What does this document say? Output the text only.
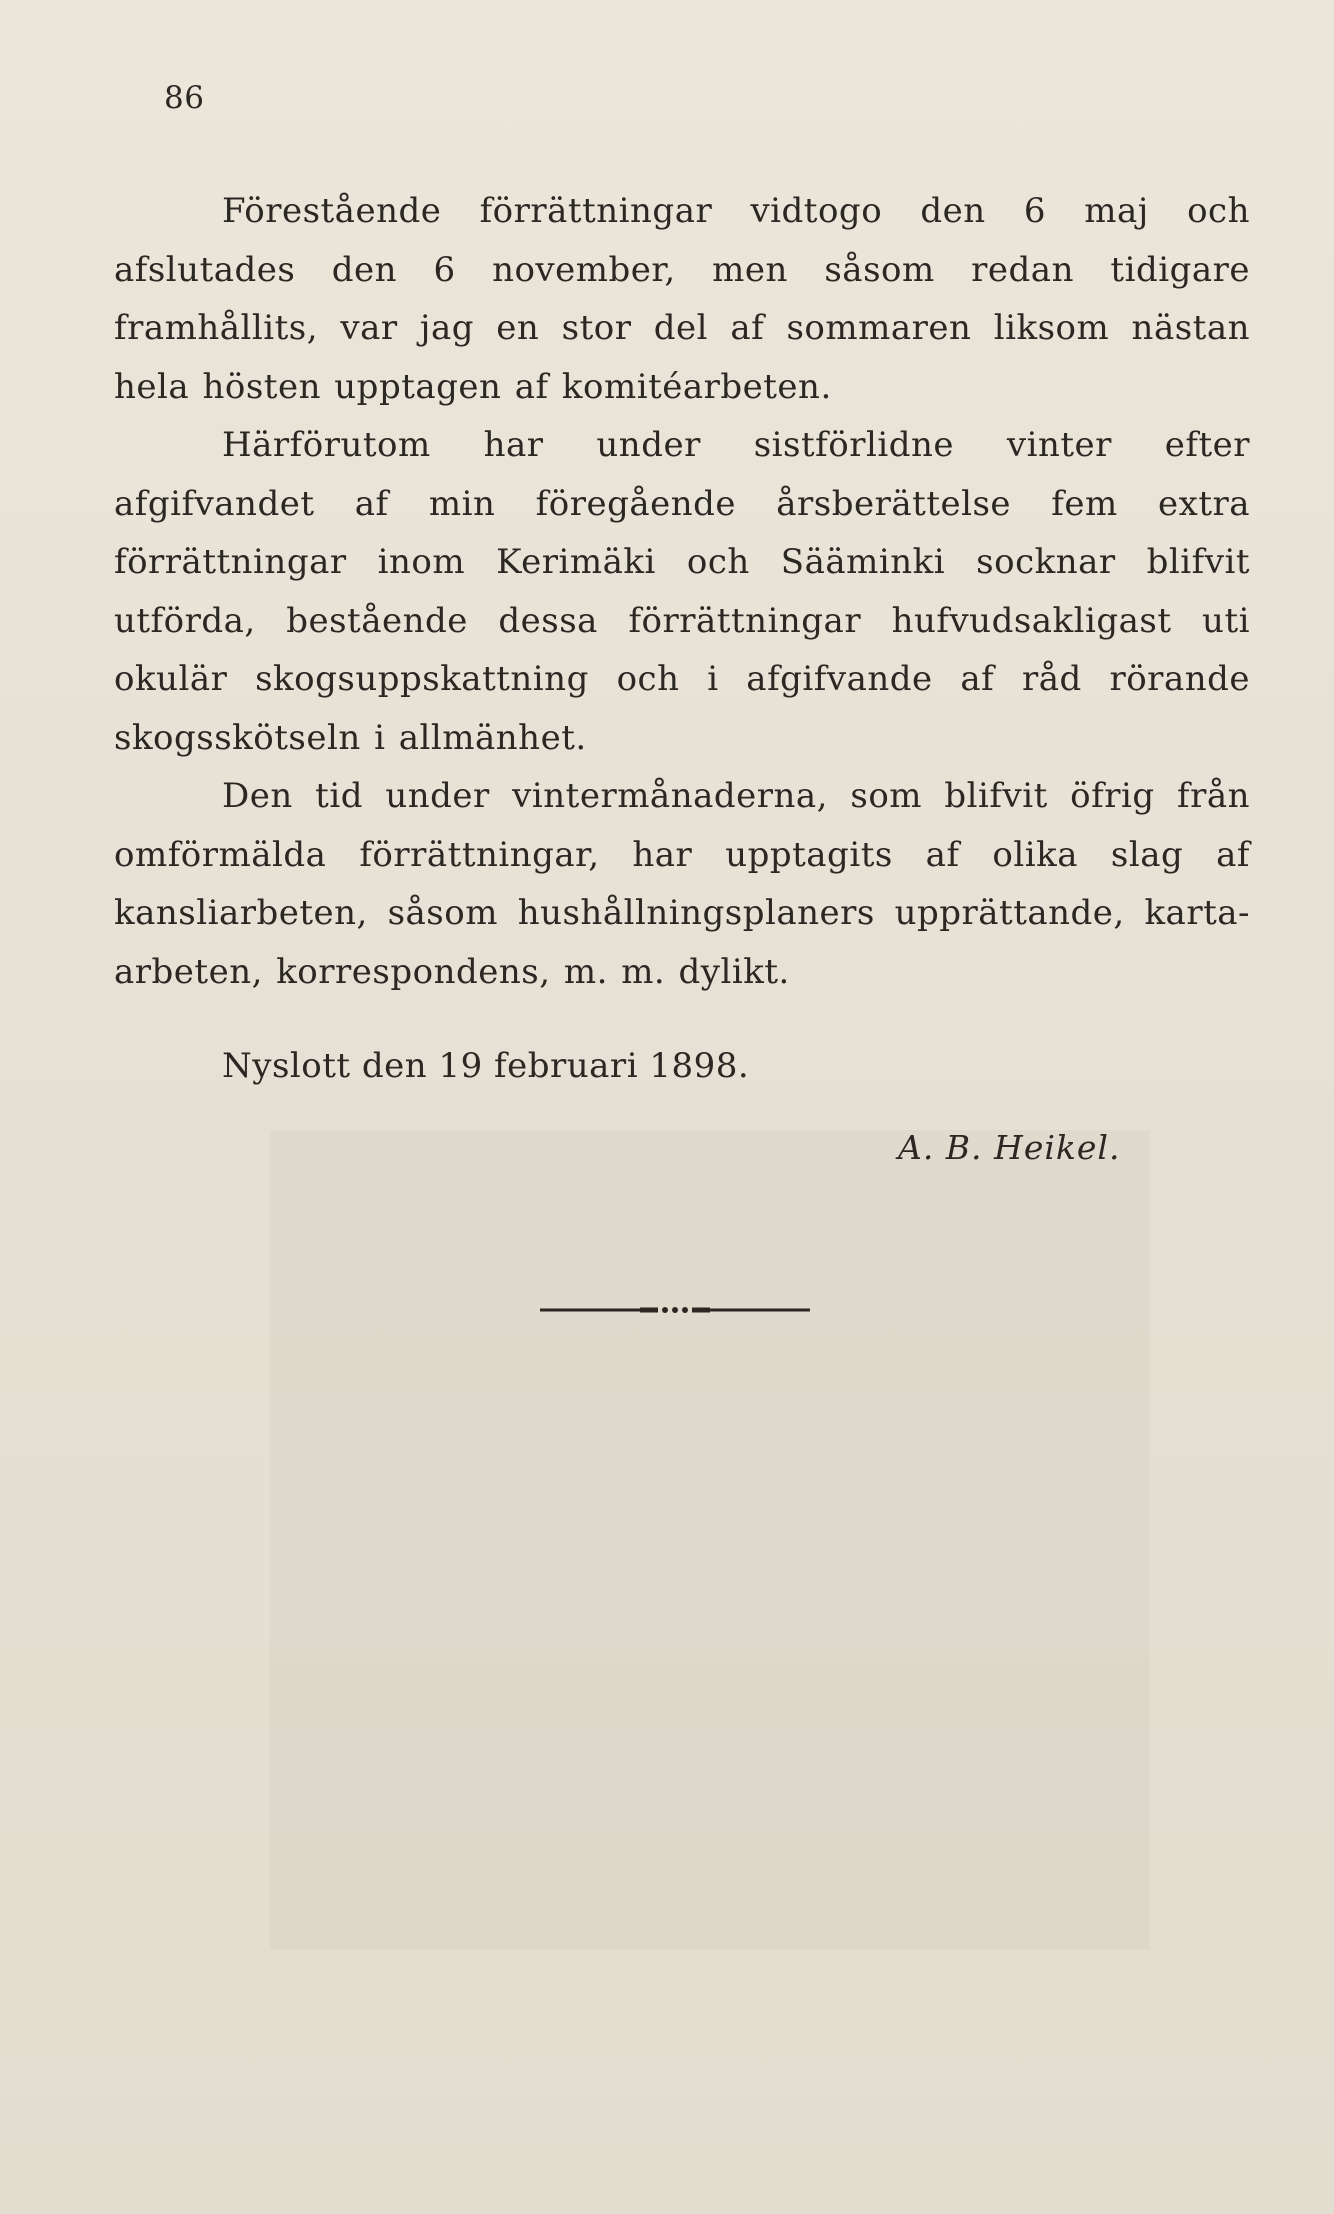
86

Förestående förrättningar vidtogo den 6 maj och afslutades den 6 november, men såsom redan tidigare framhållits, var jag en stor del af sommaren liksom nästan hela hösten upptagen af komitéarbeten.

Härförutom har under sistförlidne vinter efter afgifvandet af min föregående årsberättelse fem extra förrättningar inom Kerimäki och Sääminki socknar blifvit utförda, bestående dessa förrättningar hufvudsakligast uti okulär skogsuppskattning och i afgifvande af råd rörande skogsskötseln i allmänhet.

Den tid under vintermånaderna, som blifvit öfrig från omförmälda förrättningar, har upptagits af olika slag af kansliarbeten, såsom hushållningsplaners upprättande, karta-arbeten, korrespondens, m. m. dylikt.

Nyslott den 19 februari 1898.
A. B. Heikel.
